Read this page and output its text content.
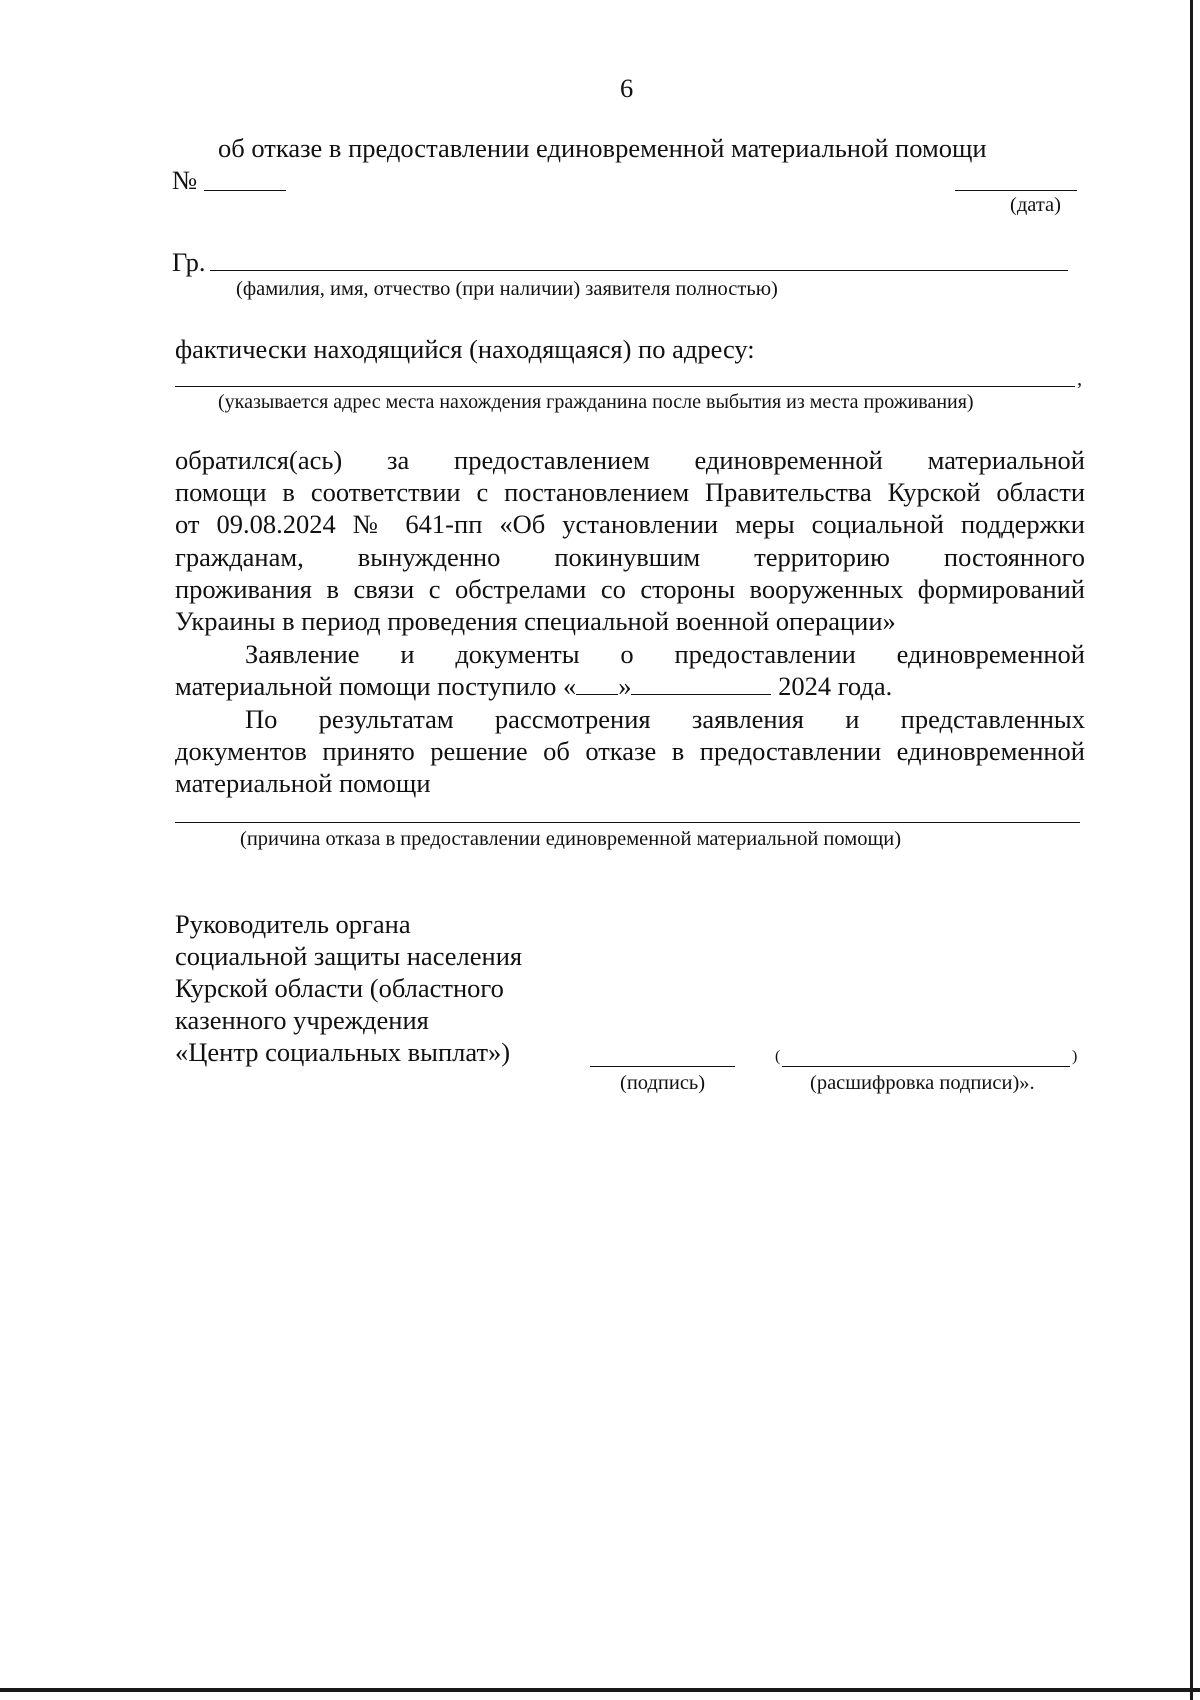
6
об отказе в предоставлении единовременной материальной помощи
№
(дата)
Гр.
(фамилия, имя, отчество (при наличии) заявителя полностью)
фактически находящийся (находящаяся) по адресу:
,
(указывается адрес места нахождения гражданина после выбытия из места проживания)
обратился(ась) за предоставлением единовременной материальной
помощи в соответствии с постановлением Правительства Курской области
от 09.08.2024 № 641-пп «Об установлении меры социальной поддержки
гражданам, вынужденно покинувшим территорию постоянного
проживания в связи с обстрелами со стороны вооруженных формирований
Украины в период проведения специальной военной операции»
Заявление и документы о предоставлении единовременной
материальной помощи поступило « »	2024 года.
По результатам рассмотрения заявления и представленных
документов принято решение об отказе в предоставлении единовременной
материальной помощи
(причина отказа в предоставлении единовременной материальной помощи)
Руководитель органа
социальной защиты населения
Курской области (областного
казенного учреждения
«Центр социальных выплат»)
(подпись)
(	)
(расшифровка подписи)».
